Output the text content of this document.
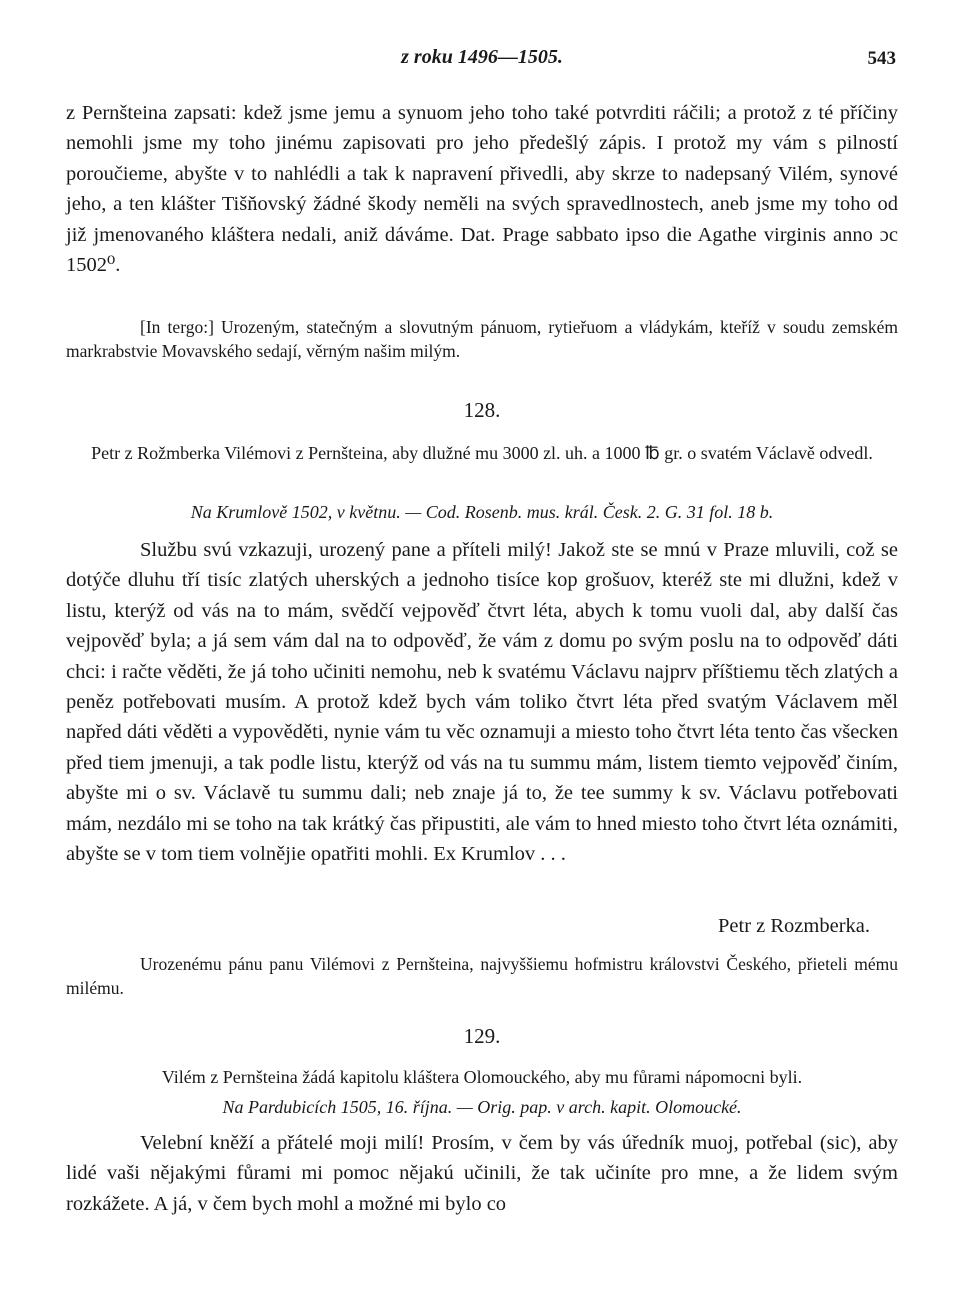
z roku 1496—1505.	543

z Pernšteina zapsati: kdež jsme jemu a synuom jeho toho také potvrditi ráčili; a protož z té příčiny nemohli jsme my toho jinému zapisovati pro jeho předešlý zápis. I protož my vám s pilností poroučieme, abyšte v to nahlédli a tak k napravení přivedli, aby skrze to nadepsaný Vilém, synové jeho, a ten klášter Tišňovský žádné škody neměli na svých spravedlnostech, aneb jsme my toho od již jmenovaného kláštera nedali, aniž dáváme. Dat. Prage sabbato ipso die Agathe virginis anno ɔc 1502⁰.

[In tergo:] Urozeným, statečným a slovutným pánuom, rytieřuom a vládykám, kteříž v soudu zemském markrabstvie Movavského sedají, věrným našim milým.

128.

Petr z Rožmberka Vilémovi z Pernšteina, aby dlužné mu 3000 zl. uh. a 1000 ℔ gr. o svatém Václavě odvedl.

Na Krumlově 1502, v květnu. — Cod. Rosenb. mus. král. Česk. 2. G. 31 fol. 18 b.

Službu svú vzkazuji, urozený pane a příteli milý! Jakož ste se mnú v Praze mluvili, což se dotýče dluhu tří tisíc zlatých uherských a jednoho tisíce kop grošuov, kteréž ste mi dlužni, kdež v listu, kterýž od vás na to mám, svědčí vejpověď čtvrt léta, abych k tomu vuoli dal, aby další čas vejpověď byla; a já sem vám dal na to odpověď, že vám z domu po svým poslu na to odpověď dáti chci: i račte věděti, že já toho učiniti nemohu, neb k svatému Václavu najprv příštiemu těch zlatých a peněz potřebovati musím. A protož kdež bych vám toliko čtvrt léta před svatým Václavem měl napřed dáti věděti a vypověděti, nynie vám tu věc oznamuji a miesto toho čtvrt léta tento čas všecken před tiem jmenuji, a tak podle listu, kterýž od vás na tu summu mám, listem tiemto vejpověď činím, abyšte mi o sv. Václavě tu summu dali; neb znaje já to, že tee summy k sv. Václavu potřebovati mám, nezdálo mi se toho na tak krátký čas připustiti, ale vám to hned miesto toho čtvrt léta oznámiti, abyšte se v tom tiem volnějie opatřiti mohli. Ex Krumlov . . .

Petr z Rozmberka.

Urozenému pánu panu Vilémovi z Pernšteina, najvyššiemu hofmistru královstvi Českého, přieteli mému milému.

129.

Vilém z Pernšteina žádá kapitolu kláštera Olomouckého, aby mu fůrami nápomocni byli.

Na Pardubicích 1505, 16. října. — Orig. pap. v arch. kapit. Olomoucké.

Velební kněží a přátelé moji milí! Prosím, v čem by vás úředník muoj, potřebal (sic), aby lidé vaši nějakými fůrami mi pomoc nějakú učinili, že tak učiníte pro mne, a že lidem svým rozkážete. A já, v čem bych mohl a možné mi bylo co
